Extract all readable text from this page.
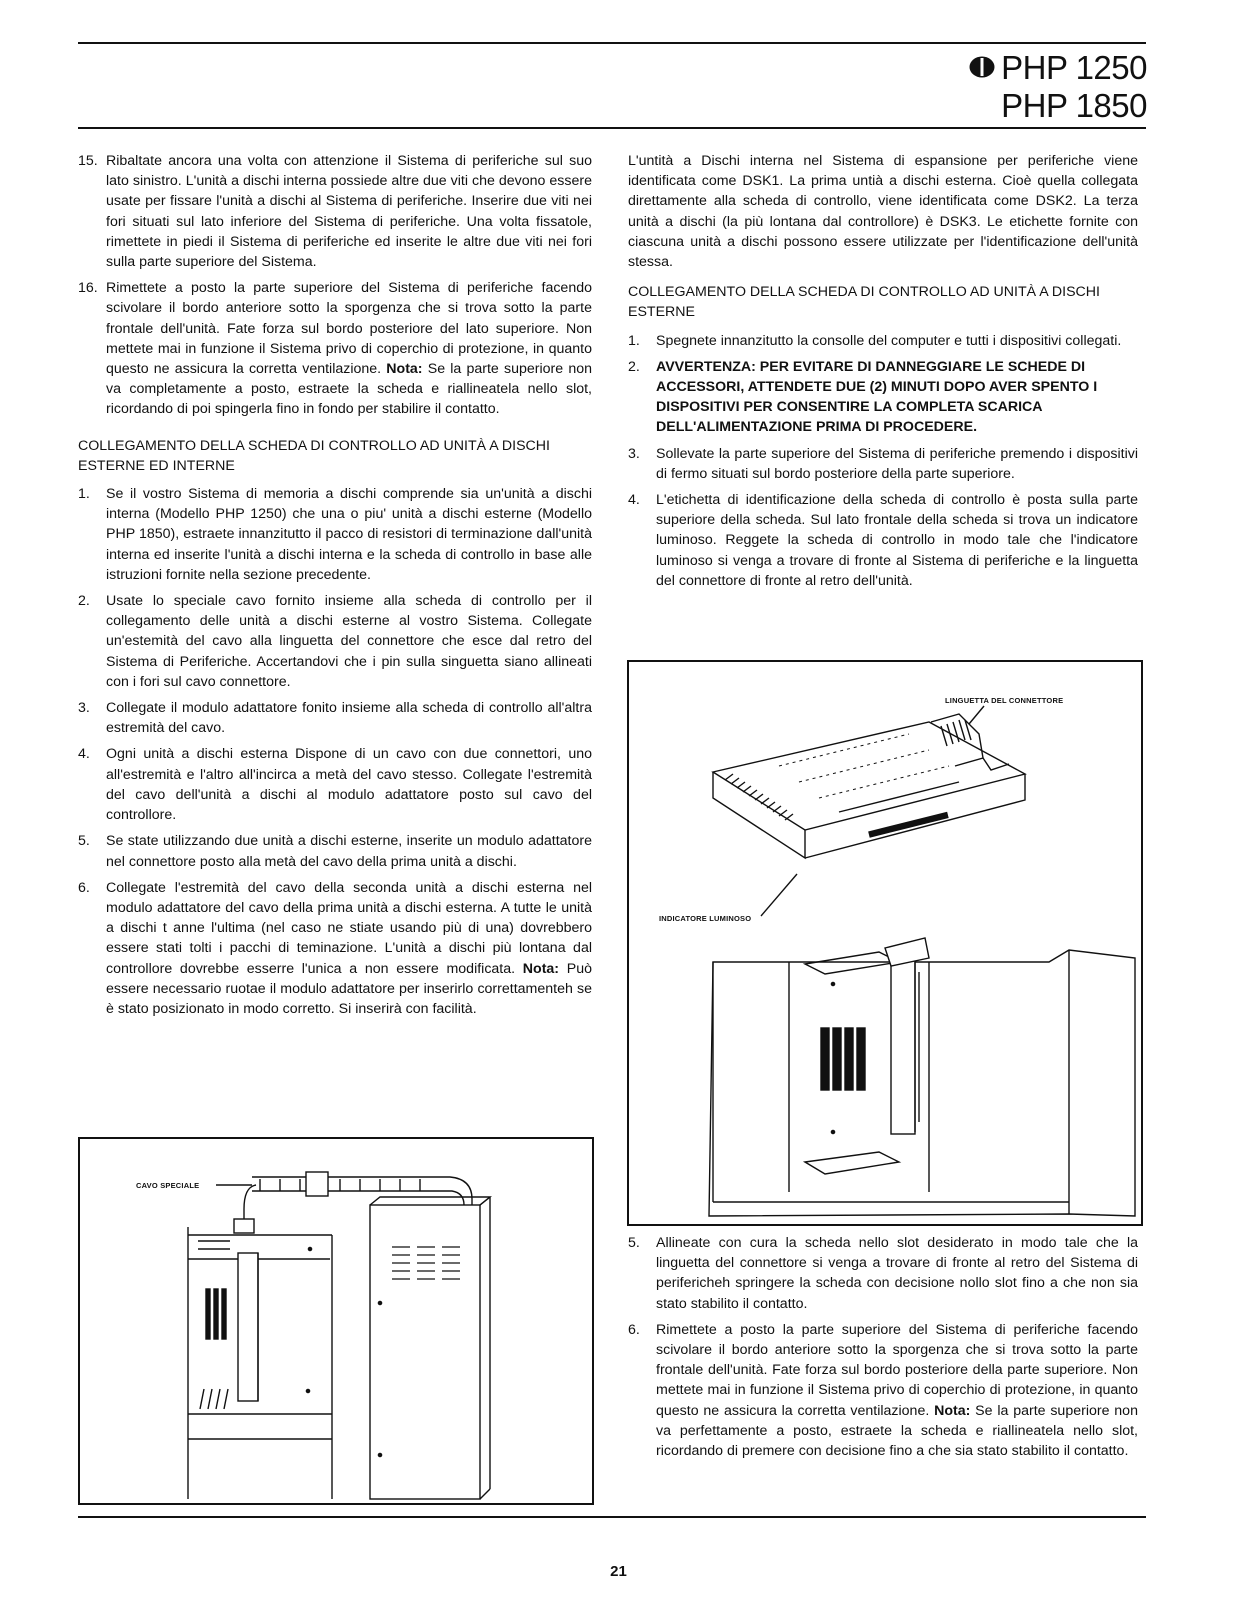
PHP 1250
PHP 1850
15. Ribaltate ancora una volta con attenzione il Sistema di periferiche sul suo lato sinistro. L'unità a dischi interna possiede altre due viti che devono essere usate per fissare l'unità a dischi al Sistema di periferiche. Inserire due viti nei fori situati sul lato inferiore del Sistema di periferiche. Una volta fissatole, rimettete in piedi il Sistema di periferiche ed inserite le altre due viti nei fori sulla parte superiore del Sistema.
16. Rimettete a posto la parte superiore del Sistema di periferiche facendo scivolare il bordo anteriore sotto la sporgenza che si trova sotto la parte frontale dell'unità. Fate forza sul bordo posteriore del lato superiore. Non mettete mai in funzione il Sistema privo di coperchio di protezione, in quanto questo ne assicura la corretta ventilazione. Nota: Se la parte superiore non va completamente a posto, estraete la scheda e riallineatela nello slot, ricordando di poi spingerla fino in fondo per stabilire il contatto.

COLLEGAMENTO DELLA SCHEDA DI CONTROLLO AD UNITÀ A DISCHI ESTERNE ED INTERNE

1. Se il vostro Sistema di memoria a dischi comprende sia un'unità a dischi interna (Modello PHP 1250) che una o piu' unità a dischi esterne (Modello PHP 1850), estraete innanzitutto il pacco di resistori di terminazione dall'unità interna ed inserite l'unità a dischi interna e la scheda di controllo in base alle istruzioni fornite nella sezione precedente.
2. Usate lo speciale cavo fornito insieme alla scheda di controllo per il collegamento delle unità a dischi esterne al vostro Sistema. Collegate un'estemità del cavo alla linguetta del connettore che esce dal retro del Sistema di Periferiche. Accertandovi che i pin sulla singuetta siano allineati con i fori sul cavo connettore.
3. Collegate il modulo adattatore fonito insieme alla scheda di controllo all'altra estremità del cavo.
4. Ogni unità a dischi esterna Dispone di un cavo con due connettori, uno all'estremità e l'altro all'incirca a metà del cavo stesso. Collegate l'estremità del cavo dell'unità a dischi al modulo adattatore posto sul cavo del controllore.
5. Se state utilizzando due unità a dischi esterne, inserite un modulo adattatore nel connettore posto alla metà del cavo della prima unità a dischi.
6. Collegate l'estremità del cavo della seconda unità a dischi esterna nel modulo adattatore del cavo della prima unità a dischi esterna. A tutte le unità a dischi t anne l'ultima (nel caso ne stiate usando più di una) dovrebbero essere stati tolti i pacchi di teminazione. L'unità a dischi più lontana dal controllore dovrebbe esserre l'unica a non essere modificata. Nota: Può essere necessario ruotae il modulo adattatore per inserirlo correttamenteh se è stato posizionato in modo corretto. Si inserirà con facilità.
CAVO SPECIALE

L'untità a Dischi interna nel Sistema di espansione per periferiche viene identificata come DSK1. La prima untià a dischi esterna. Cioè quella collegata direttamente alla scheda di controllo, viene identificata come DSK2. La terza unità a dischi (la più lontana dal controllore) è DSK3. Le etichette fornite con ciascuna unità a dischi possono essere utilizzate per l'identificazione dell'unità stessa.

COLLEGAMENTO DELLA SCHEDA DI CONTROLLO AD UNITÀ A DISCHI ESTERNE

1. Spegnete innanzitutto la consolle del computer e tutti i dispositivi collegati.
2. AVVERTENZA: PER EVITARE DI DANNEGGIARE LE SCHEDE DI ACCESSORI, ATTENDETE DUE (2) MINUTI DOPO AVER SPENTO I DISPOSITIVI PER CONSENTIRE LA COMPLETA SCARICA DELL'ALIMENTAZIONE PRIMA DI PROCEDERE.
3. Sollevate la parte superiore del Sistema di periferiche premendo i dispositivi di fermo situati sul bordo posteriore della parte superiore.
4. L'etichetta di identificazione della scheda di controllo è posta sulla parte superiore della scheda. Sul lato frontale della scheda si trova un indicatore luminoso. Reggete la scheda di controllo in modo tale che l'indicatore luminoso si venga a trovare di fronte al Sistema di periferiche e la linguetta del connettore di fronte al retro dell'unità.
LINGUETTA DEL CONNETTORE
INDICATORE LUMINOSO
5. Allineate con cura la scheda nello slot desiderato in modo tale che la linguetta del connettore si venga a trovare di fronte al retro del Sistema di perifericheh springere la scheda con decisione nollo slot fino a che non sia stato stabilito il contatto.
6. Rimettete a posto la parte superiore del Sistema di periferiche facendo scivolare il bordo anteriore sotto la sporgenza che si trova sotto la parte frontale dell'unità. Fate forza sul bordo posteriore della parte superiore. Non mettete mai in funzione il Sistema privo di coperchio di protezione, in quanto questo ne assicura la corretta ventilazione. Nota: Se la parte superiore non va perfettamente a posto, estraete la scheda e riallineatela nello slot, ricordando di premere con decisione fino a che sia stato stabilito il contatto.
21
